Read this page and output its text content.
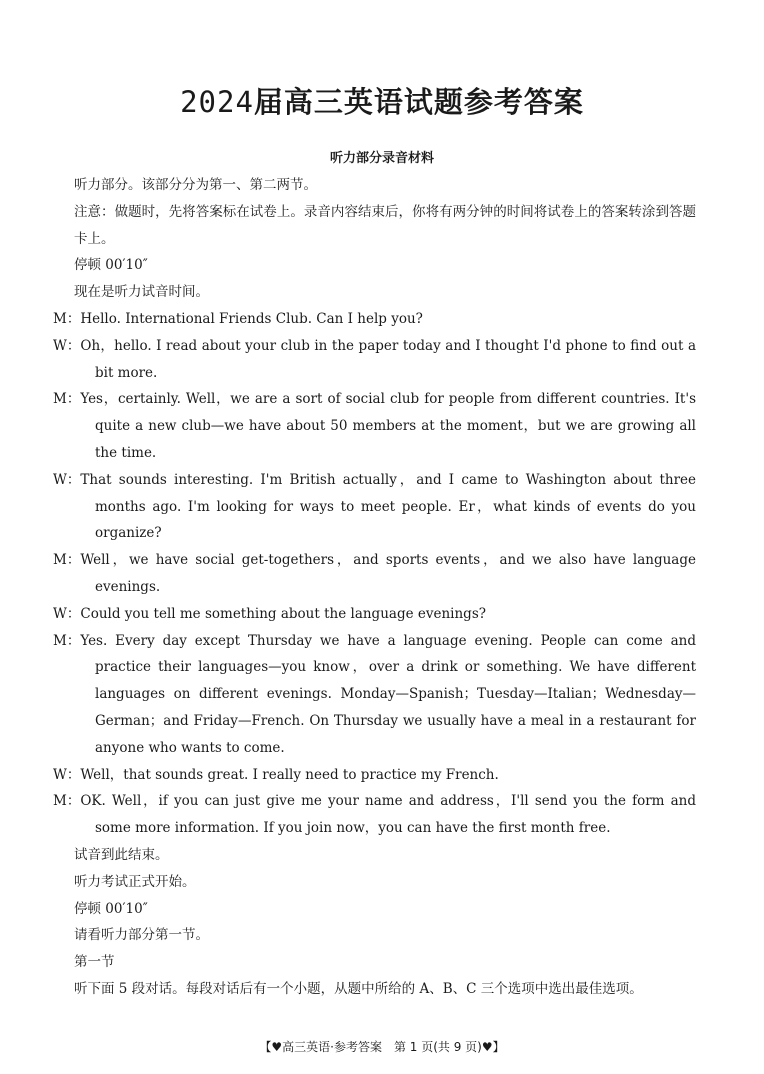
2024届高三英语试题参考答案
听力部分录音材料
听力部分。该部分分为第一、第二两节。
注意：做题时，先将答案标在试卷上。录音内容结束后，你将有两分钟的时间将试卷上的答案转涂到答题卡上。
停顿 00′10″
现在是听力试音时间。
M：Hello. International Friends Club. Can I help you?
W：Oh，hello. I read about your club in the paper today and I thought I'd phone to find out a bit more.
M：Yes，certainly. Well，we are a sort of social club for people from different countries. It's quite a new club—we have about 50 members at the moment，but we are growing all the time.
W：That sounds interesting. I'm British actually，and I came to Washington about three months ago. I'm looking for ways to meet people. Er，what kinds of events do you organize?
M：Well，we have social get-togethers，and sports events，and we also have language evenings.
W：Could you tell me something about the language evenings?
M：Yes. Every day except Thursday we have a language evening. People can come and practice their languages—you know，over a drink or something. We have different languages on different evenings. Monday—Spanish；Tuesday—Italian；Wednesday—German；and Friday—French. On Thursday we usually have a meal in a restaurant for anyone who wants to come.
W：Well，that sounds great. I really need to practice my French.
M：OK. Well，if you can just give me your name and address，I'll send you the form and some more information. If you join now，you can have the first month free.
试音到此结束。
听力考试正式开始。
停顿 00′10″
请看听力部分第一节。
第一节
听下面 5 段对话。每段对话后有一个小题，从题中所给的 A、B、C 三个选项中选出最佳选项。
【♥高三英语·参考答案　第 1 页(共 9 页)♥】
